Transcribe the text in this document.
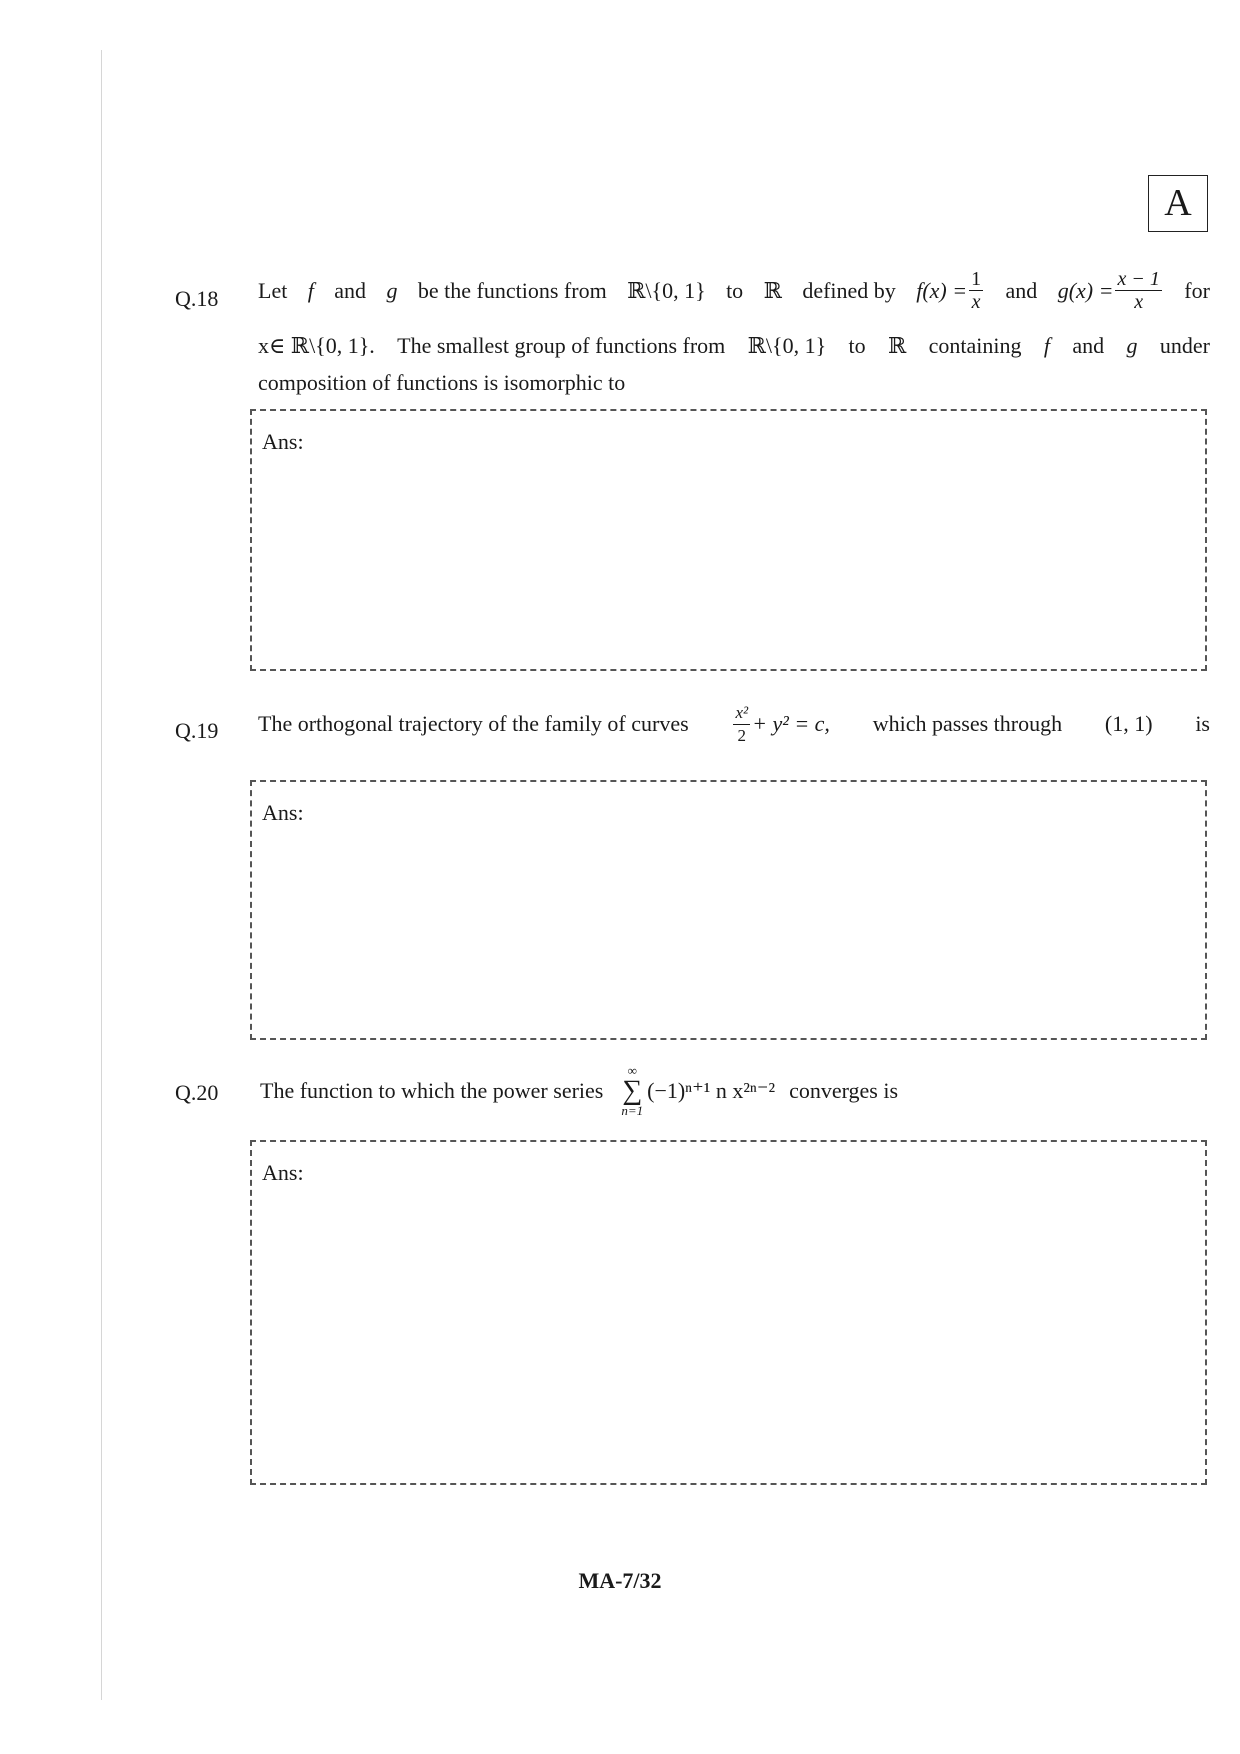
A
Q.18 Let f and g be the functions from ℝ\{0, 1} to ℝ defined by $f(x) = \frac{1}{x}$ and $g(x) = \frac{x - 1}{x}$ for
x∈ ℝ\{0, 1}. The smallest group of functions from ℝ\{0, 1} to ℝ containing f and g under
composition of functions is isomorphic to
Ans:
Q.19 The orthogonal trajectory of the family of curves	$\frac{\text{x²}}{2} + y^2 = c$, which passes through (1, 1) is
Ans:
Q.20 The function to which the power series
∞
∑
n=1
(−1)ⁿ⁺¹ n x²ⁿ⁻² converges is
Ans:
MA-7/32
